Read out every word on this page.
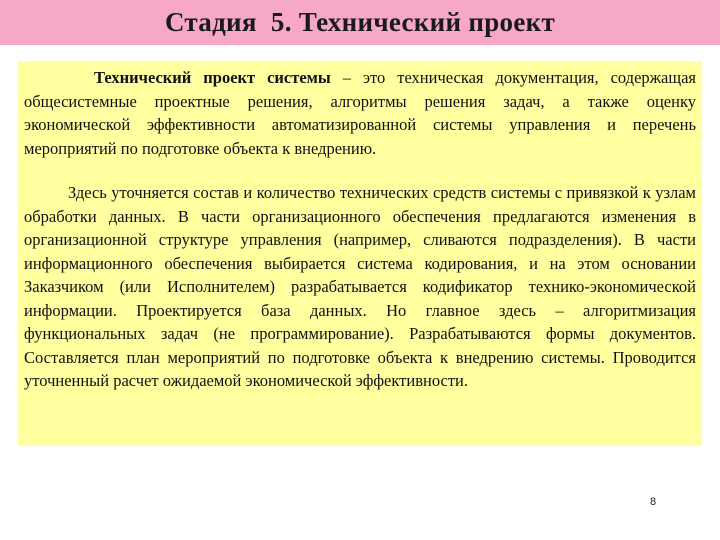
Стадия  5. Технический проект

Технический проект системы – это техническая документация, содержащая общесистемные проектные решения, алгоритмы решения задач, а также оценку экономической эффективности автоматизированной системы управления и перечень мероприятий по подготовке объекта к внедрению.

Здесь уточняется состав и количество технических средств системы с привязкой к узлам обработки данных. В части организационного обеспечения предлагаются изменения в организационной структуре управления (например, сливаются подразделения). В части информационного обеспечения выбирается система кодирования, и на этом основании Заказчиком (или Исполнителем) разрабатывается кодификатор технико-экономической информации. Проектируется база данных. Но главное здесь – алгоритмизация функциональных задач (не программирование). Разрабатываются формы документов. Составляется план мероприятий по подготовке объекта к внедрению системы. Проводится уточненный расчет ожидаемой экономической эффективности.

8
